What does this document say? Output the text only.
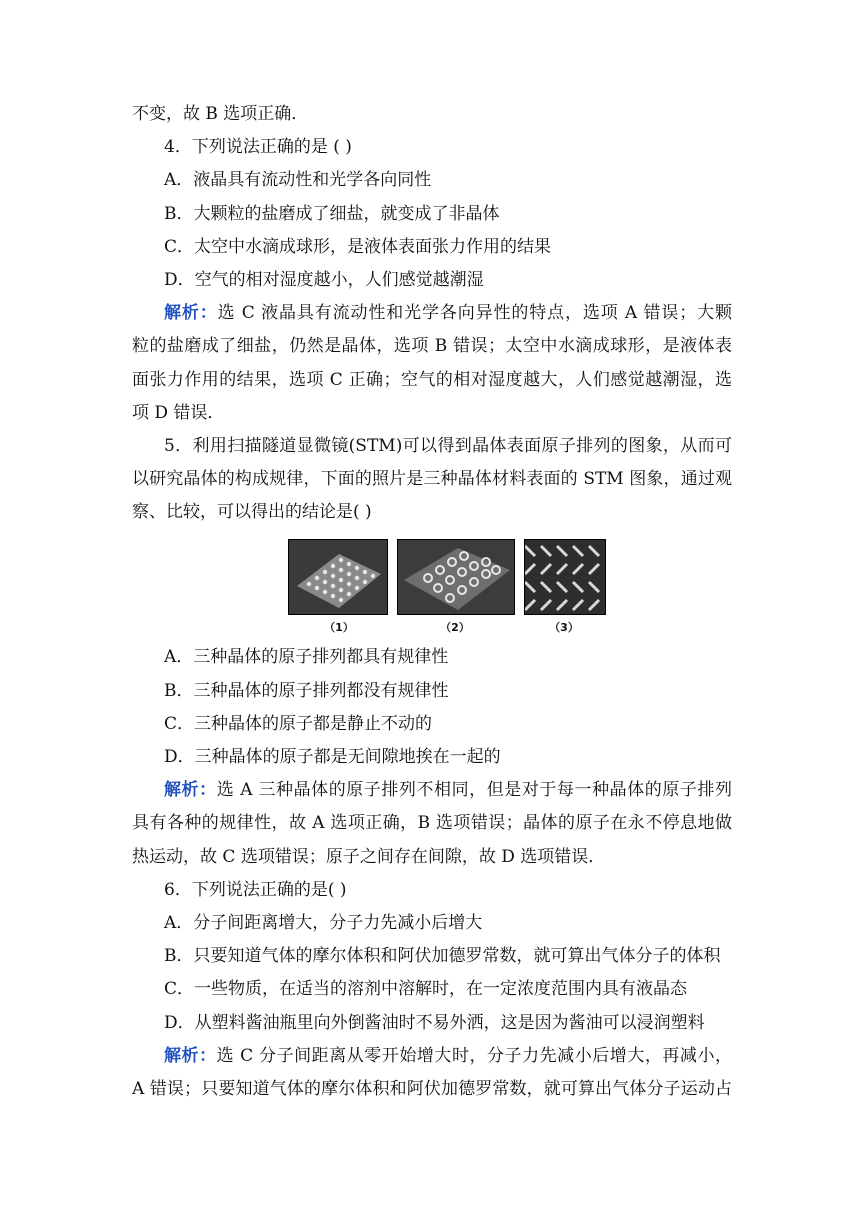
不变，故 B 选项正确．
4．下列说法正确的是 ( )
A．液晶具有流动性和光学各向同性
B．大颗粒的盐磨成了细盐，就变成了非晶体
C．太空中水滴成球形，是液体表面张力作用的结果
D．空气的相对湿度越小，人们感觉越潮湿
解析：选 C 液晶具有流动性和光学各向异性的特点，选项 A 错误；大颗
粒的盐磨成了细盐，仍然是晶体，选项 B 错误；太空中水滴成球形，是液体表
面张力作用的结果，选项 C 正确；空气的相对湿度越大，人们感觉越潮湿，选
项 D 错误．
5．利用扫描隧道显微镜(STM)可以得到晶体表面原子排列的图象，从而可
以研究晶体的构成规律，下面的照片是三种晶体材料表面的 STM 图象，通过观
察、比较，可以得出的结论是( )
（1）	（2）	（3）
A．三种晶体的原子排列都具有规律性
B．三种晶体的原子排列都没有规律性
C．三种晶体的原子都是静止不动的
D．三种晶体的原子都是无间隙地挨在一起的
解析：选 A 三种晶体的原子排列不相同，但是对于每一种晶体的原子排列
具有各种的规律性，故 A 选项正确，B 选项错误；晶体的原子在永不停息地做
热运动，故 C 选项错误；原子之间存在间隙，故 D 选项错误．
6．下列说法正确的是( )
A．分子间距离增大，分子力先减小后增大
B．只要知道气体的摩尔体积和阿伏加德罗常数，就可算出气体分子的体积
C．一些物质，在适当的溶剂中溶解时，在一定浓度范围内具有液晶态
D．从塑料酱油瓶里向外倒酱油时不易外洒，这是因为酱油可以浸润塑料
解析：选 C 分子间距离从零开始增大时，分子力先减小后增大，再减小，
A 错误；只要知道气体的摩尔体积和阿伏加德罗常数，就可算出气体分子运动占
